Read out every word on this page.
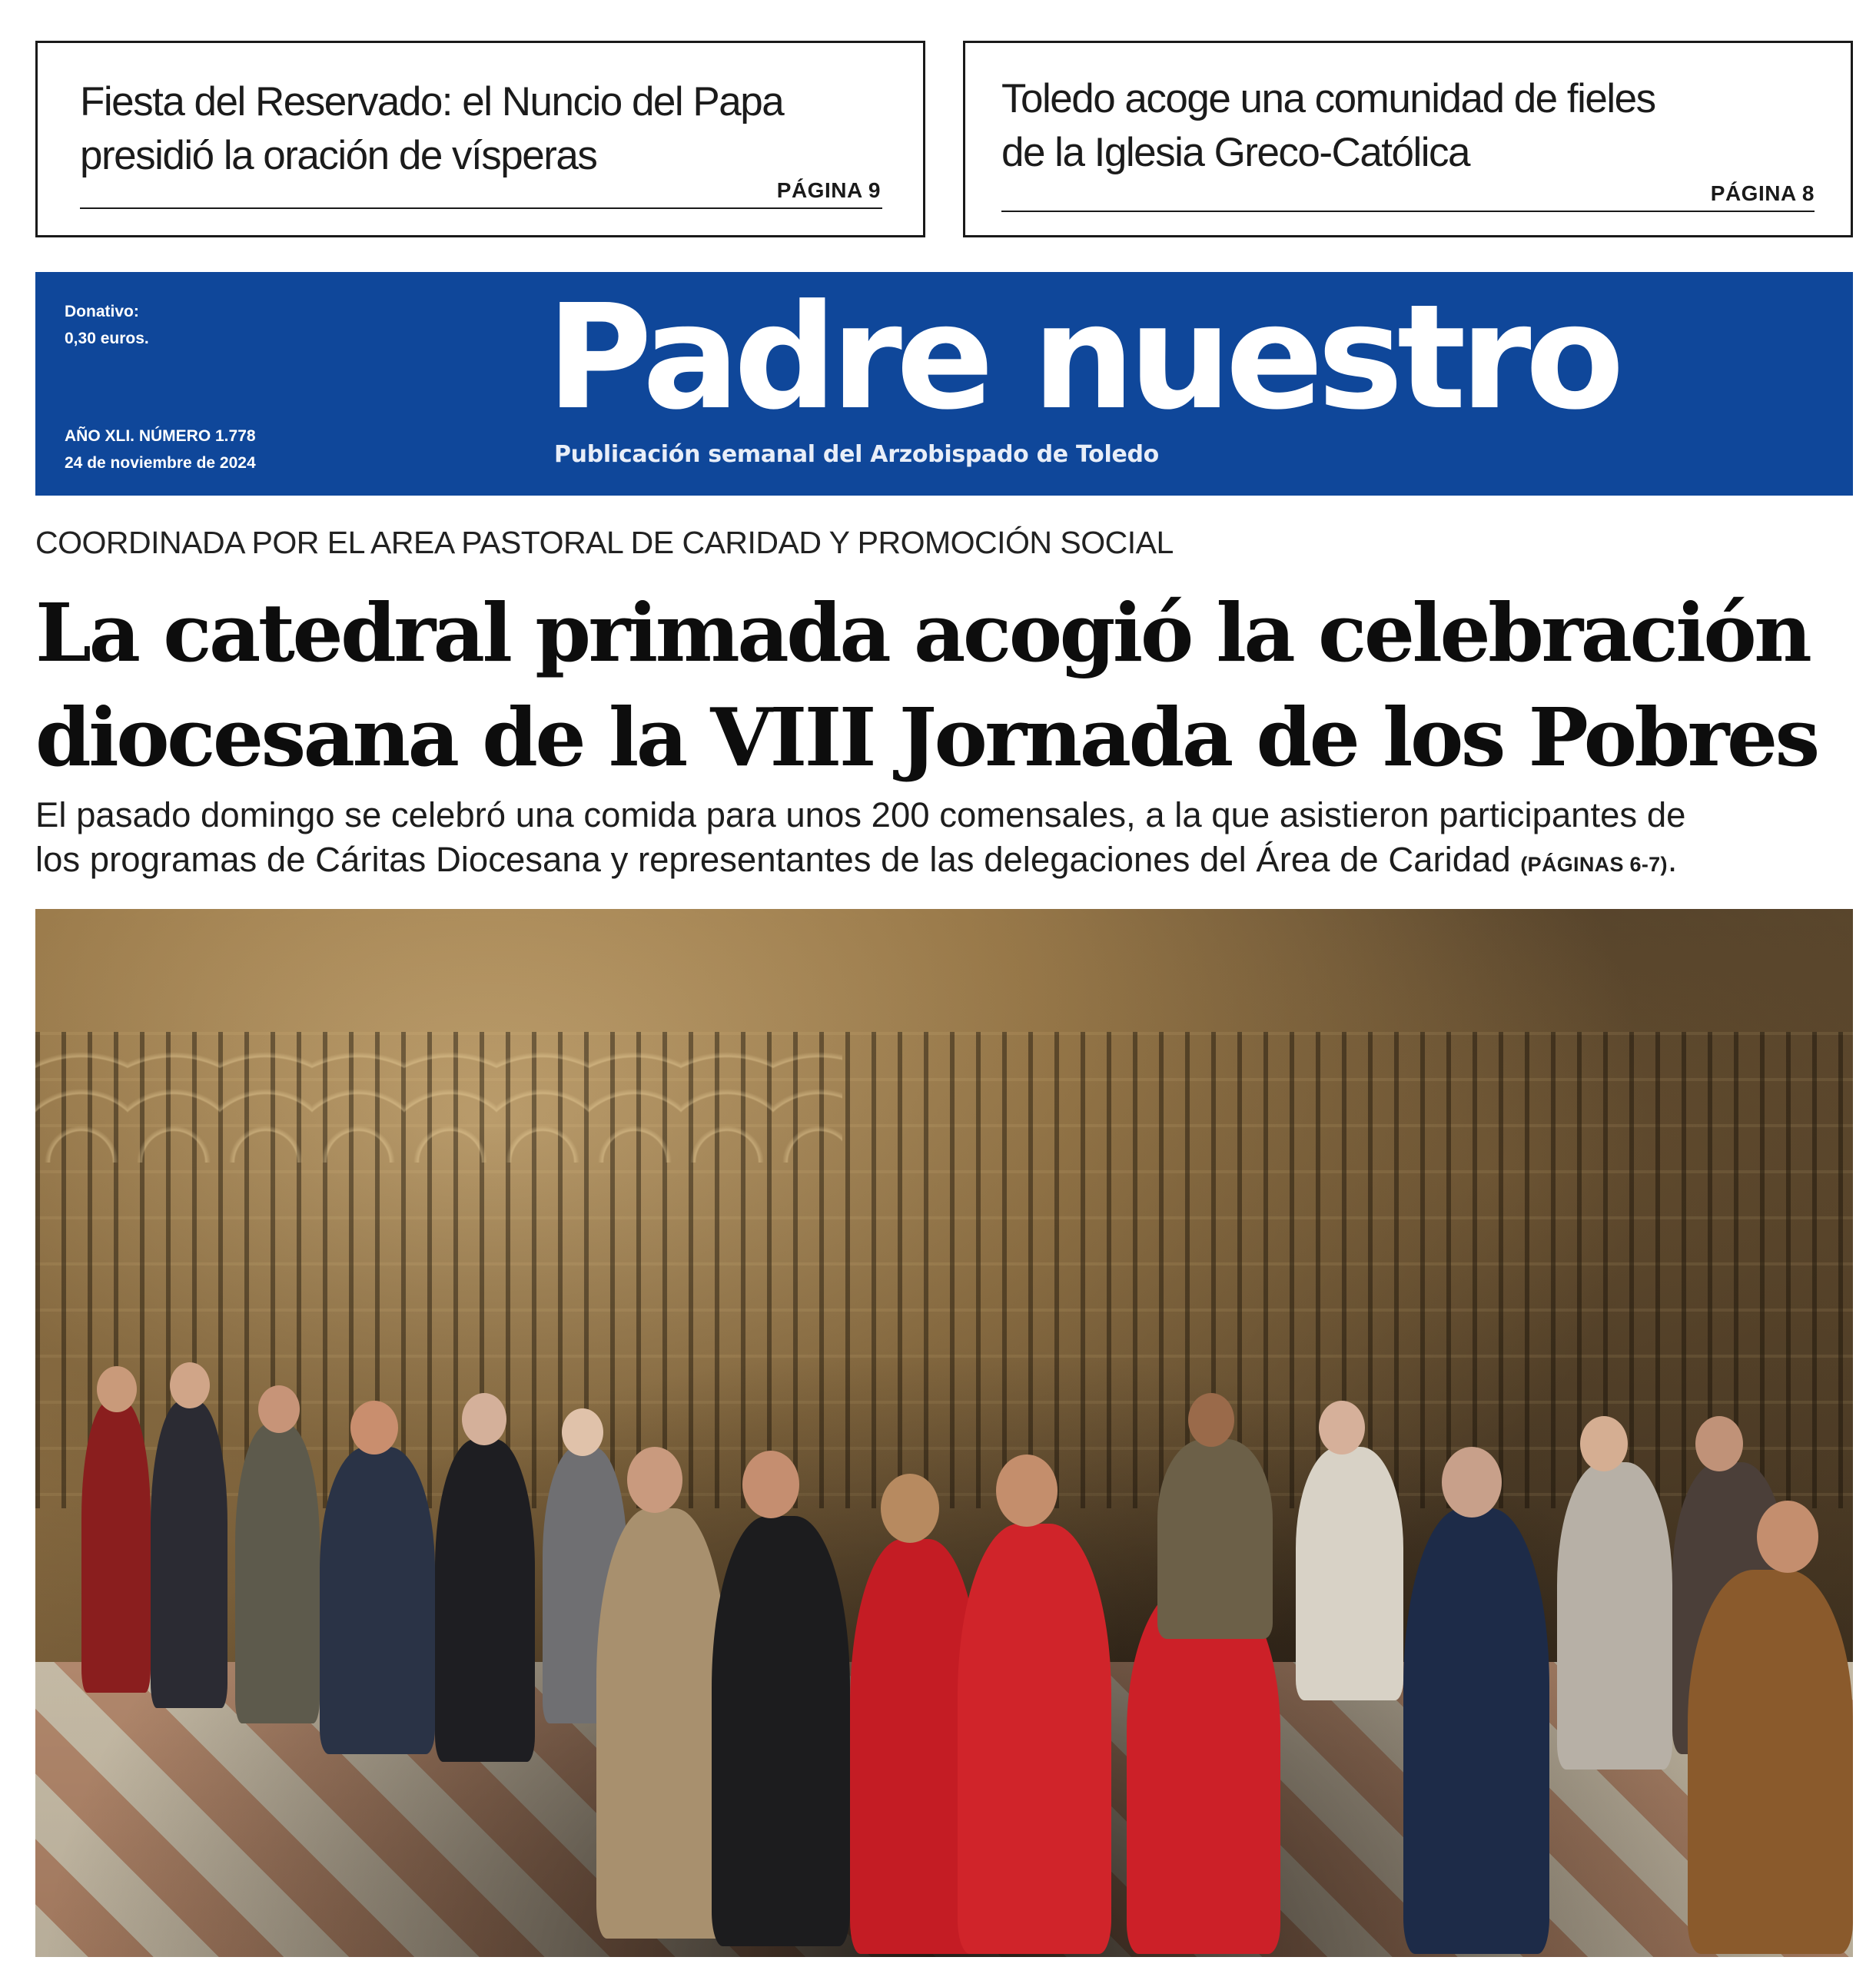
Fiesta del Reservado: el Nuncio del Papa
presidió la oración de vísperas
PÁGINA 9
Toledo acoge una comunidad de fieles
de la Iglesia Greco-Católica
PÁGINA 8
Donativo:
0,30 euros.
AÑO XLI. NÚMERO 1.778
24 de noviembre de 2024
Padre nuestro
Publicación semanal del Arzobispado de Toledo
COORDINADA POR EL AREA PASTORAL DE CARIDAD Y PROMOCIÓN SOCIAL
La catedral primada acogió la celebración
diocesana de la VIII Jornada de los Pobres
El pasado domingo se celebró una comida para unos 200 comensales, a la que asistieron participantes de
los programas de Cáritas Diocesana y representantes de las delegaciones del Área de Caridad (PÁGINAS 6-7).
